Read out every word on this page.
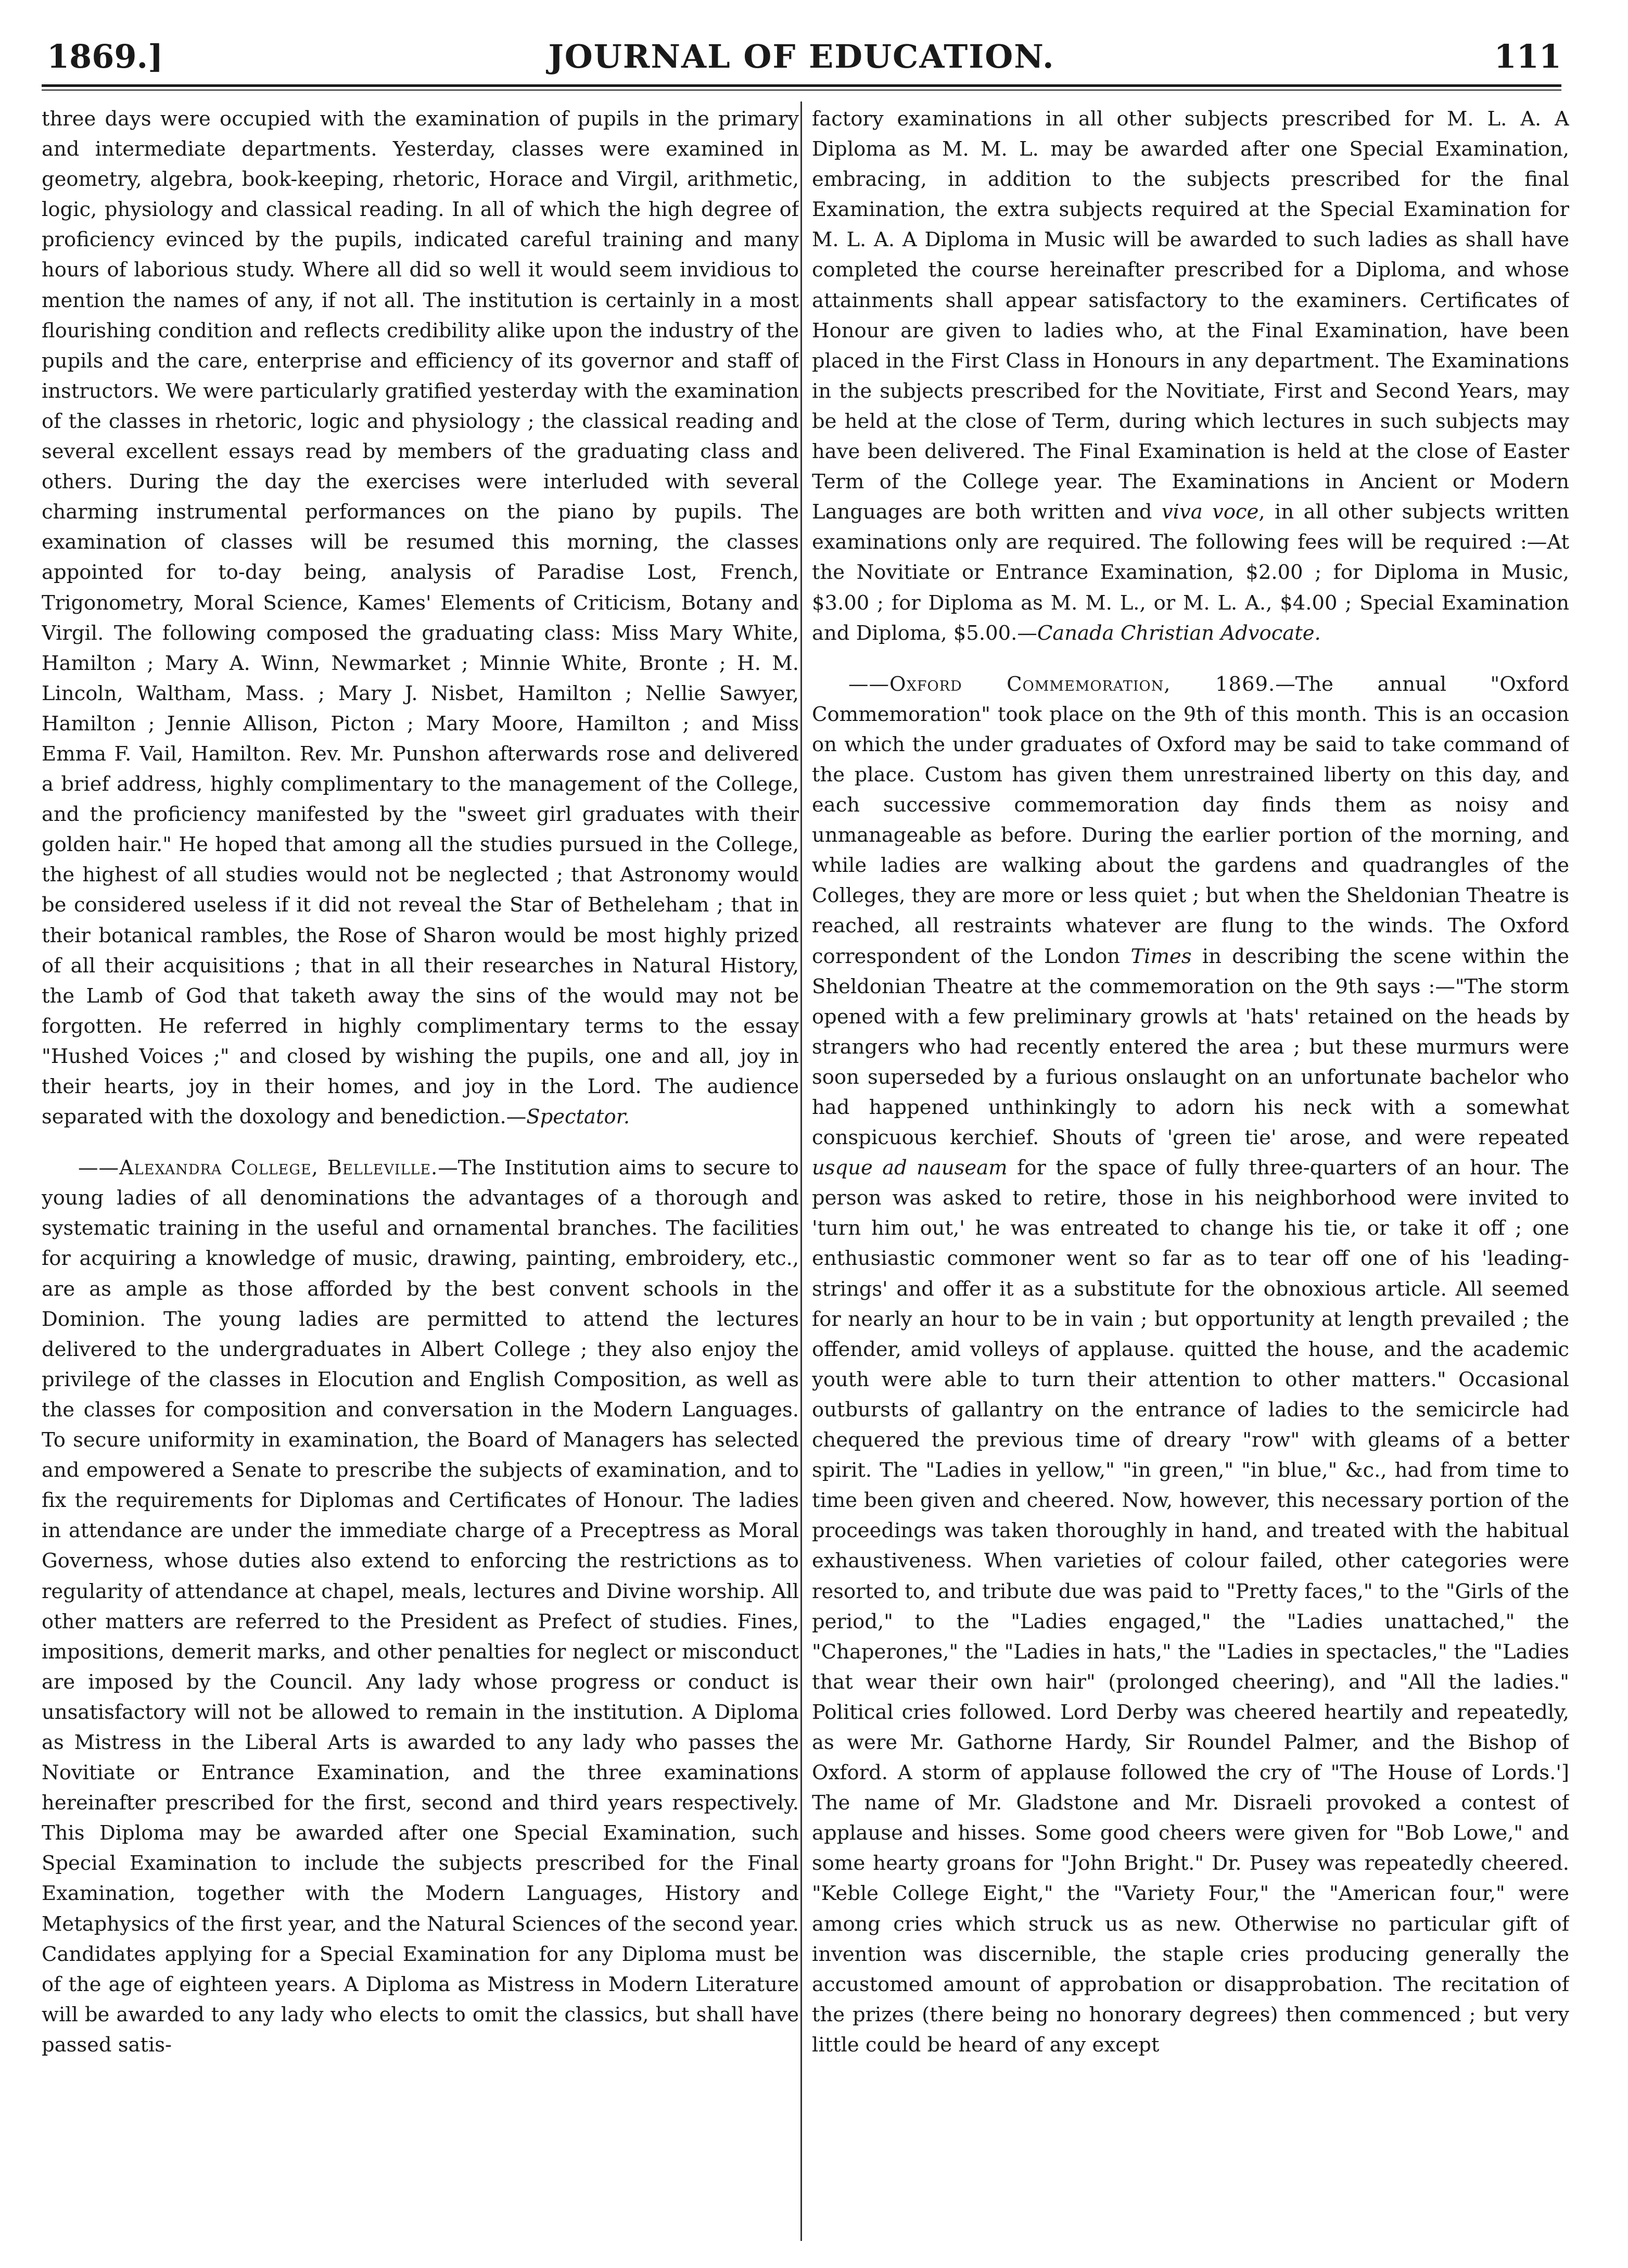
1869.]	JOURNAL OF EDUCATION.	111

three days were occupied with the examination of pupils in the primary and intermediate departments. Yesterday, classes were examined in geometry, algebra, book-keeping, rhetoric, Horace and Virgil, arithmetic, logic, physiology and classical reading. In all of which the high degree of proficiency evinced by the pupils, indicated careful training and many hours of laborious study. Where all did so well it would seem invidious to mention the names of any, if not all. The institution is certainly in a most flourishing condition and reflects credibility alike upon the industry of the pupils and the care, enterprise and efficiency of its governor and staff of instructors. We were particularly gratified yesterday with the examination of the classes in rhetoric, logic and physiology ; the classical reading and several excellent essays read by members of the graduating class and others. During the day the exercises were interluded with several charming instrumental performances on the piano by pupils. The examination of classes will be resumed this morning, the classes appointed for to-day being, analysis of Paradise Lost, French, Trigonometry, Moral Science, Kames' Elements of Criticism, Botany and Virgil. The following composed the graduating class: Miss Mary White, Hamilton ; Mary A. Winn, Newmarket ; Minnie White, Bronte ; H. M. Lincoln, Waltham, Mass. ; Mary J. Nisbet, Hamilton ; Nellie Sawyer, Hamilton ; Jennie Allison, Picton ; Mary Moore, Hamilton ; and Miss Emma F. Vail, Hamilton. Rev. Mr. Punshon afterwards rose and delivered a brief address, highly complimentary to the management of the College, and the proficiency manifested by the "sweet girl graduates with their golden hair." He hoped that among all the studies pursued in the College, the highest of all studies would not be neglected ; that Astronomy would be considered useless if it did not reveal the Star of Betheleham ; that in their botanical rambles, the Rose of Sharon would be most highly prized of all their acquisitions ; that in all their researches in Natural History, the Lamb of God that taketh away the sins of the would may not be forgotten. He referred in highly complimentary terms to the essay "Hushed Voices ;" and closed by wishing the pupils, one and all, joy in their hearts, joy in their homes, and joy in the Lord. The audience separated with the doxology and benediction.—Spectator.

——Alexandra College, Belleville.—The Institution aims to secure to young ladies of all denominations the advantages of a thorough and systematic training in the useful and ornamental branches. The facilities for acquiring a knowledge of music, drawing, painting, embroidery, etc., are as ample as those afforded by the best convent schools in the Dominion. The young ladies are permitted to attend the lectures delivered to the undergraduates in Albert College ; they also enjoy the privilege of the classes in Elocution and English Composition, as well as the classes for composition and conversation in the Modern Languages. To secure uniformity in examination, the Board of Managers has selected and empowered a Senate to prescribe the subjects of examination, and to fix the requirements for Diplomas and Certificates of Honour. The ladies in attendance are under the immediate charge of a Preceptress as Moral Governess, whose duties also extend to enforcing the restrictions as to regularity of attendance at chapel, meals, lectures and Divine worship. All other matters are referred to the President as Prefect of studies. Fines, impositions, demerit marks, and other penalties for neglect or misconduct are imposed by the Council. Any lady whose progress or conduct is unsatisfactory will not be allowed to remain in the institution. A Diploma as Mistress in the Liberal Arts is awarded to any lady who passes the Novitiate or Entrance Examination, and the three examinations hereinafter prescribed for the first, second and third years respectively. This Diploma may be awarded after one Special Examination, such Special Examination to include the subjects prescribed for the Final Examination, together with the Modern Languages, History and Metaphysics of the first year, and the Natural Sciences of the second year. Candidates applying for a Special Examination for any Diploma must be of the age of eighteen years. A Diploma as Mistress in Modern Literature will be awarded to any lady who elects to omit the classics, but shall have passed satis-

factory examinations in all other subjects prescribed for M. L. A. A Diploma as M. M. L. may be awarded after one Special Examination, embracing, in addition to the subjects prescribed for the final Examination, the extra subjects required at the Special Examination for M. L. A. A Diploma in Music will be awarded to such ladies as shall have completed the course hereinafter prescribed for a Diploma, and whose attainments shall appear satisfactory to the examiners. Certificates of Honour are given to ladies who, at the Final Examination, have been placed in the First Class in Honours in any department. The Examinations in the subjects prescribed for the Novitiate, First and Second Years, may be held at the close of Term, during which lectures in such subjects may have been delivered. The Final Examination is held at the close of Easter Term of the College year. The Examinations in Ancient or Modern Languages are both written and viva voce, in all other subjects written examinations only are required. The following fees will be required :—At the Novitiate or Entrance Examination, $2.00 ; for Diploma in Music, $3.00 ; for Diploma as M. M. L., or M. L. A., $4.00 ; Special Examination and Diploma, $5.00.—Canada Christian Advocate.

——Oxford Commemoration, 1869.—The annual "Oxford Commemoration" took place on the 9th of this month. This is an occasion on which the under graduates of Oxford may be said to take command of the place. Custom has given them unrestrained liberty on this day, and each successive commemoration day finds them as noisy and unmanageable as before. During the earlier portion of the morning, and while ladies are walking about the gardens and quadrangles of the Colleges, they are more or less quiet ; but when the Sheldonian Theatre is reached, all restraints whatever are flung to the winds. The Oxford correspondent of the London Times in describing the scene within the Sheldonian Theatre at the commemoration on the 9th says :—"The storm opened with a few preliminary growls at 'hats' retained on the heads by strangers who had recently entered the area ; but these murmurs were soon superseded by a furious onslaught on an unfortunate bachelor who had happened unthinkingly to adorn his neck with a somewhat conspicuous kerchief. Shouts of 'green tie' arose, and were repeated usque ad nauseam for the space of fully three-quarters of an hour. The person was asked to retire, those in his neighborhood were invited to 'turn him out,' he was entreated to change his tie, or take it off ; one enthusiastic commoner went so far as to tear off one of his 'leading-strings' and offer it as a substitute for the obnoxious article. All seemed for nearly an hour to be in vain ; but opportunity at length prevailed ; the offender, amid volleys of applause. quitted the house, and the academic youth were able to turn their attention to other matters." Occasional outbursts of gallantry on the entrance of ladies to the semicircle had chequered the previous time of dreary "row" with gleams of a better spirit. The "Ladies in yellow," "in green," "in blue," &c., had from time to time been given and cheered. Now, however, this necessary portion of the proceedings was taken thoroughly in hand, and treated with the habitual exhaustiveness. When varieties of colour failed, other categories were resorted to, and tribute due was paid to "Pretty faces," to the "Girls of the period," to the "Ladies engaged," the "Ladies unattached," the "Chaperones," the "Ladies in hats," the "Ladies in spectacles," the "Ladies that wear their own hair" (prolonged cheering), and "All the ladies." Political cries followed. Lord Derby was cheered heartily and repeatedly, as were Mr. Gathorne Hardy, Sir Roundel Palmer, and the Bishop of Oxford. A storm of applause followed the cry of "The House of Lords.'] The name of Mr. Gladstone and Mr. Disraeli provoked a contest of applause and hisses. Some good cheers were given for "Bob Lowe," and some hearty groans for "John Bright." Dr. Pusey was repeatedly cheered. "Keble College Eight," the "Variety Four," the "American four," were among cries which struck us as new. Otherwise no particular gift of invention was discernible, the staple cries producing generally the accustomed amount of approbation or disapprobation. The recitation of the prizes (there being no honorary degrees) then commenced ; but very little could be heard of any except
